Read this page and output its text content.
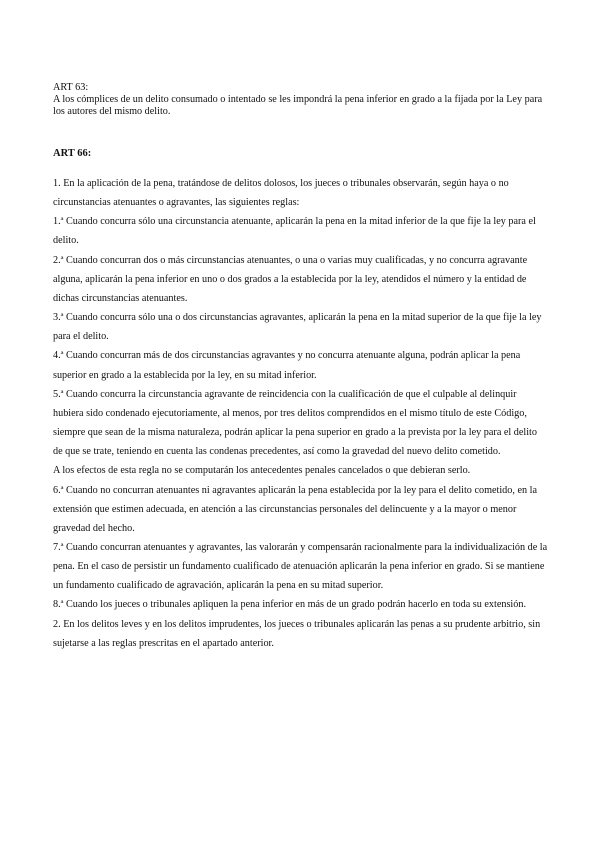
ART 63:

A los cómplices de un delito consumado o intentado se les impondrá la pena inferior en grado a la fijada por la Ley para los autores del mismo delito.

ART 66:

1. En la aplicación de la pena, tratándose de delitos dolosos, los jueces o tribunales observarán, según haya o no circunstancias atenuantes o agravantes, las siguientes reglas:
1.ª Cuando concurra sólo una circunstancia atenuante, aplicarán la pena en la mitad inferior de la que fije la ley para el delito.
2.ª Cuando concurran dos o más circunstancias atenuantes, o una o varias muy cualificadas, y no concurra agravante alguna, aplicarán la pena inferior en uno o dos grados a la establecida por la ley, atendidos el número y la entidad de dichas circunstancias atenuantes.
3.ª Cuando concurra sólo una o dos circunstancias agravantes, aplicarán la pena en la mitad superior de la que fije la ley para el delito.
4.ª Cuando concurran más de dos circunstancias agravantes y no concurra atenuante alguna, podrán aplicar la pena superior en grado a la establecida por la ley, en su mitad inferior.
5.ª Cuando concurra la circunstancia agravante de reincidencia con la cualificación de que el culpable al delinquir hubiera sido condenado ejecutoriamente, al menos, por tres delitos comprendidos en el mismo título de este Código, siempre que sean de la misma naturaleza, podrán aplicar la pena superior en grado a la prevista por la ley para el delito de que se trate, teniendo en cuenta las condenas precedentes, así como la gravedad del nuevo delito cometido.
A los efectos de esta regla no se computarán los antecedentes penales cancelados o que debieran serlo.
6.ª Cuando no concurran atenuantes ni agravantes aplicarán la pena establecida por la ley para el delito cometido, en la extensión que estimen adecuada, en atención a las circunstancias personales del delincuente y a la mayor o menor gravedad del hecho.
7.ª Cuando concurran atenuantes y agravantes, las valorarán y compensarán racionalmente para la individualización de la pena. En el caso de persistir un fundamento cualificado de atenuación aplicarán la pena inferior en grado. Si se mantiene un fundamento cualificado de agravación, aplicarán la pena en su mitad superior.
8.ª Cuando los jueces o tribunales apliquen la pena inferior en más de un grado podrán hacerlo en toda su extensión.
2. En los delitos leves y en los delitos imprudentes, los jueces o tribunales aplicarán las penas a su prudente arbitrio, sin sujetarse a las reglas prescritas en el apartado anterior.
